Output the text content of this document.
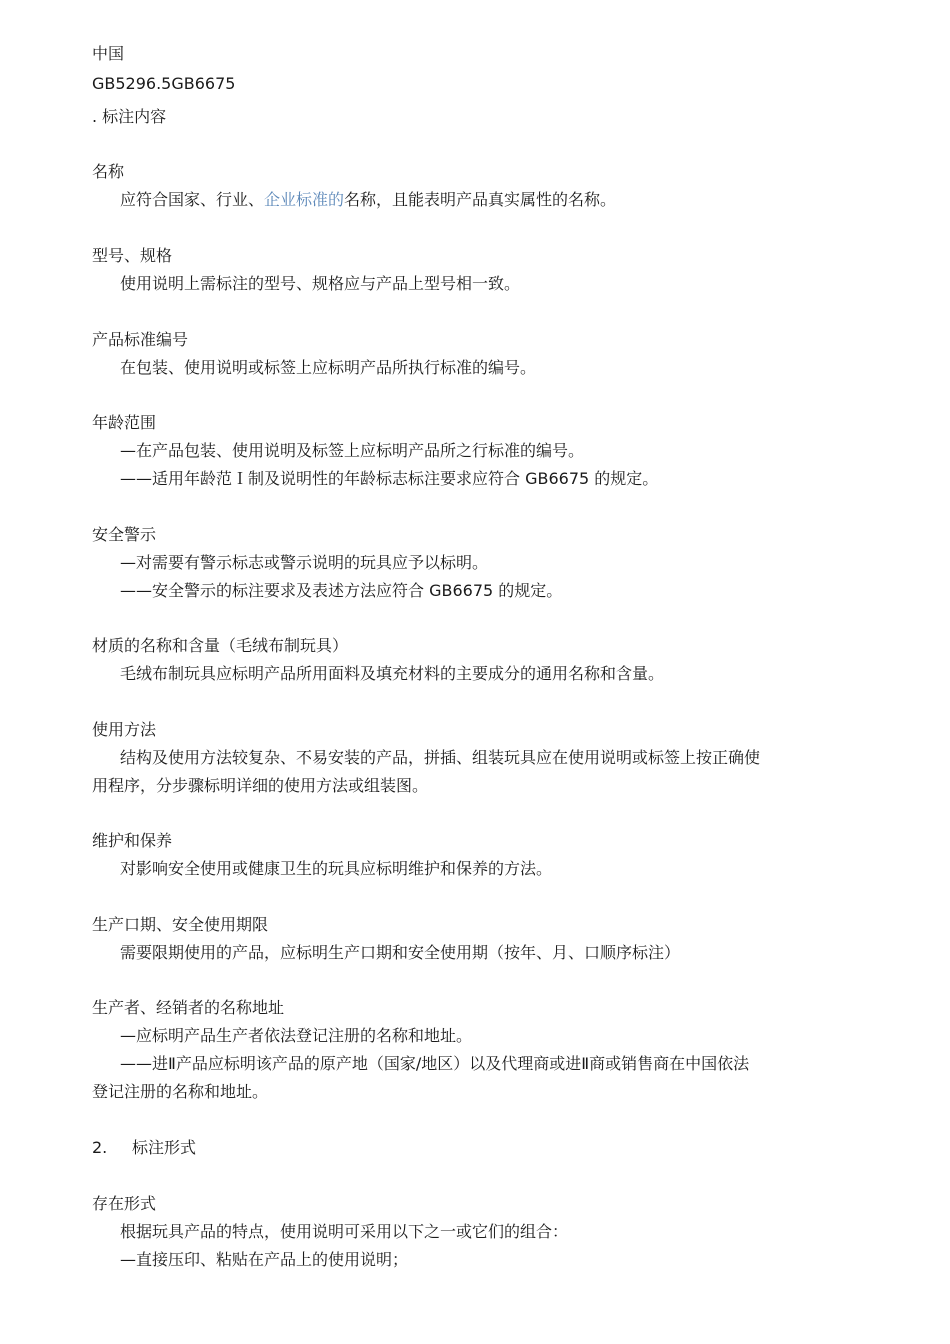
中国
GB5296.5GB6675
. 标注内容
名称
应符合国家、行业、企业标准的名称，且能表明产品真实属性的名称。
型号、规格
使用说明上需标注的型号、规格应与产品上型号相一致。
产品标准编号
在包装、使用说明或标签上应标明产品所执行标准的编号。
年龄范围
—在产品包装、使用说明及标签上应标明产品所之行标准的编号。
——适用年龄范Ｉ制及说明性的年龄标志标注要求应符合 GB6675 的规定。
安全警示
—对需要有警示标志或警示说明的玩具应予以标明。
——安全警示的标注要求及表述方法应符合 GB6675 的规定。
材质的名称和含量（毛绒布制玩具）
毛绒布制玩具应标明产品所用面料及填充材料的主要成分的通用名称和含量。
使用方法
结构及使用方法较复杂、不易安装的产品，拼插、组装玩具应在使用说明或标签上按正确使
用程序，分步骤标明详细的使用方法或组装图。
维护和保养
对影响安全使用或健康卫生的玩具应标明维护和保养的方法。
生产口期、安全使用期限
需要限期使用的产品，应标明生产口期和安全使用期（按年、月、口顺序标注）
生产者、经销者的名称地址
—应标明产品生产者依法登记注册的名称和地址。
——进Ⅱ产品应标明该产品的原产地（国家/地区）以及代理商或进Ⅱ商或销售商在中国依法
登记注册的名称和地址。
2. 标注形式
存在形式
根据玩具产品的特点，使用说明可采用以下之一或它们的组合：
—直接压印、粘贴在产品上的使用说明；
